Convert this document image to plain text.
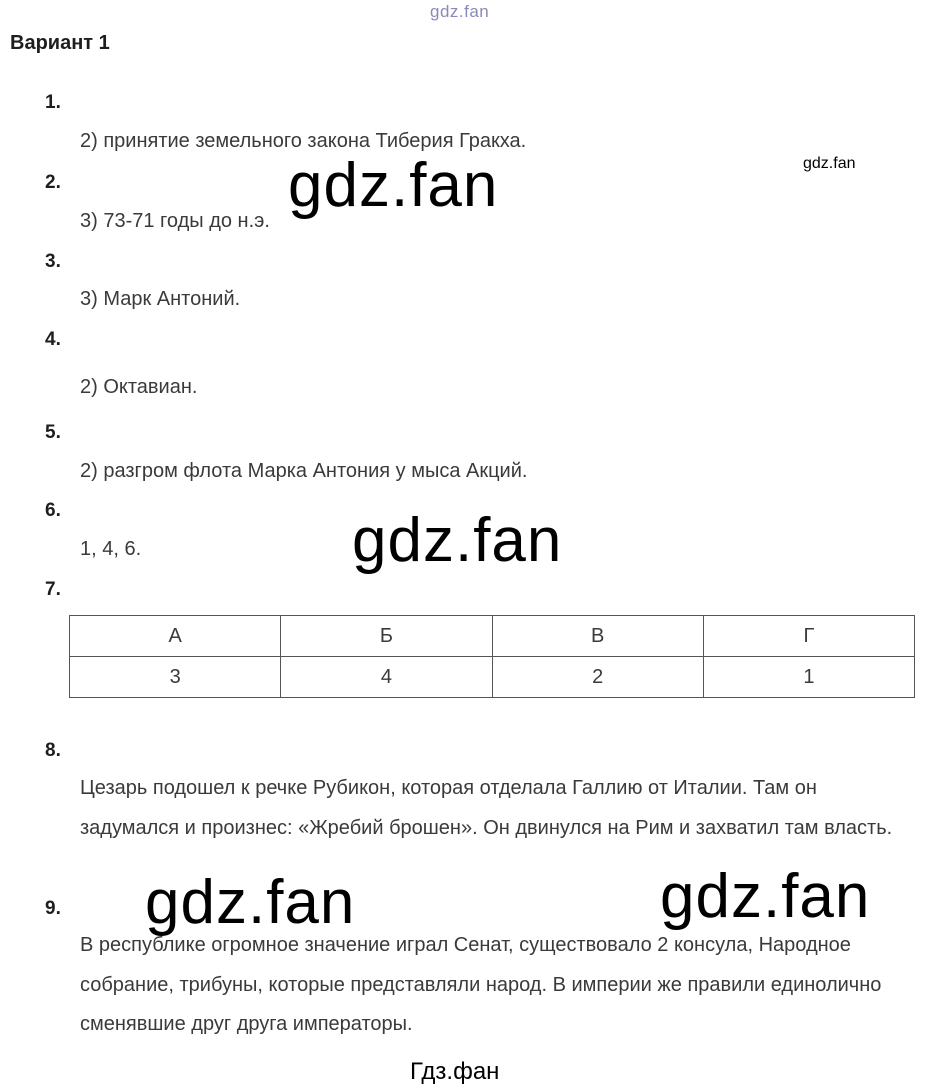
gdz.fan
Вариант 1
1.
2) принятие земельного закона Тиберия Гракха.
2.
3) 73-71 годы до н.э.
3.
3) Марк Антоний.
4.
2) Октавиан.
5.
2) разгром флота Марка Антония у мыса Акций.
6.
1, 4, 6.
7.
А	Б	В	Г
3	4	2	1
8.
Цезарь подошел к речке Рубикон, которая отделала Галлию от Италии. Там он задумался и произнес: «Жребий брошен». Он двинулся на Рим и захватил там власть.
9.
В республике огромное значение играл Сенат, существовало 2 консула, Народное собрание, трибуны, которые представляли народ. В империи же правили единолично сменявшие друг друга императоры.
gdz.fan
gdz.fan
gdz.fan
gdz.fan	gdz.fan
Гдз.фан
